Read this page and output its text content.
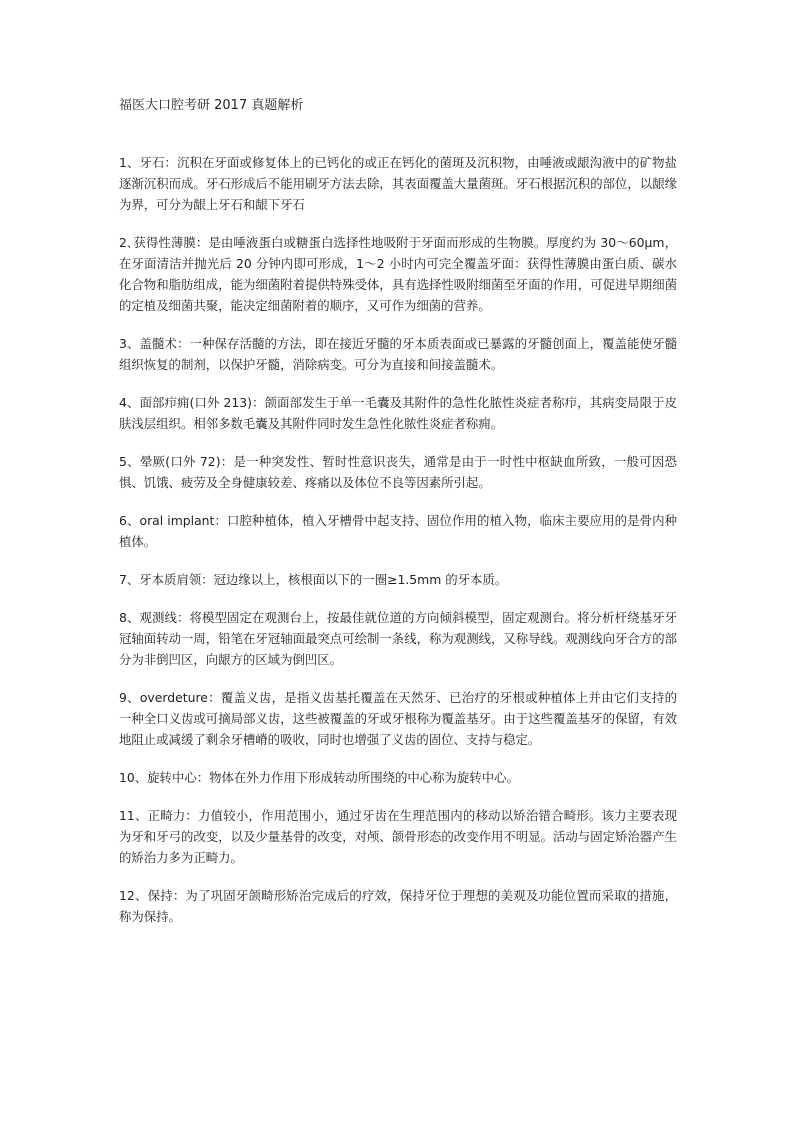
福医大口腔考研 2017 真题解析

1、牙石：沉积在牙面或修复体上的已钙化的或正在钙化的菌斑及沉积物，由唾液或龈沟液中的矿物盐逐渐沉积而成。牙石形成后不能用刷牙方法去除，其表面覆盖大量菌斑。牙石根据沉积的部位，以龈缘为界，可分为龈上牙石和龈下牙石

2､获得性薄膜：是由唾液蛋白或糖蛋白选择性地吸附于牙面而形成的生物膜。厚度约为 30～60μm，在牙面清洁并抛光后 20 分钟内即可形成，1～2 小时内可完全覆盖牙面：获得性薄膜由蛋白质、碳水化合物和脂肪组成，能为细菌附着提供特殊受体，具有选择性吸附细菌至牙面的作用，可促进早期细菌的定植及细菌共聚，能决定细菌附着的顺序，又可作为细菌的营养。

3、盖髓术：一种保存活髓的方法，即在接近牙髓的牙本质表面或已暴露的牙髓创面上，覆盖能使牙髓组织恢复的制剂，以保护牙髓，消除病变。可分为直接和间接盖髓术。

4、面部疖痈(口外 213)：颌面部发生于单一毛囊及其附件的急性化脓性炎症者称疖，其病变局限于皮肤浅层组织。相邻多数毛囊及其附件同时发生急性化脓性炎症者称痈。

5、晕厥(口外 72)：是一种突发性、暂时性意识丧失，通常是由于一时性中枢缺血所致，一般可因恐惧、饥饿、疲劳及全身健康较差、疼痛以及体位不良等因素所引起。

6、oral implant：口腔种植体，植入牙槽骨中起支持、固位作用的植入物，临床主要应用的是骨内种植体。

7、牙本质肩领：冠边缘以上，核根面以下的一圈≥1.5mm 的牙本质。

8、观测线：将模型固定在观测台上，按最佳就位道的方向倾斜模型，固定观测台。将分析杆绕基牙牙冠轴面转动一周，铅笔在牙冠轴面最突点可绘制一条线，称为观测线，又称导线。观测线向牙合方的部分为非倒凹区，向龈方的区域为倒凹区。

9、overdeture：覆盖义齿，是指义齿基托覆盖在天然牙、已治疗的牙根或种植体上并由它们支持的一种全口义齿或可摘局部义齿，这些被覆盖的牙或牙根称为覆盖基牙。由于这些覆盖基牙的保留，有效地阻止或减缓了剩余牙槽嵴的吸收，同时也增强了义齿的固位、支持与稳定。

10、旋转中心：物体在外力作用下形成转动所围绕的中心称为旋转中心。

11、正畸力：力值较小，作用范围小，通过牙齿在生理范围内的移动以矫治错合畸形。该力主要表现为牙和牙弓的改变，以及少量基骨的改变，对颅、颌骨形态的改变作用不明显。活动与固定矫治器产生的矫治力多为正畸力。

12、保持：为了巩固牙颌畸形矫治完成后的疗效，保持牙位于理想的美观及功能位置而采取的措施，称为保持。
